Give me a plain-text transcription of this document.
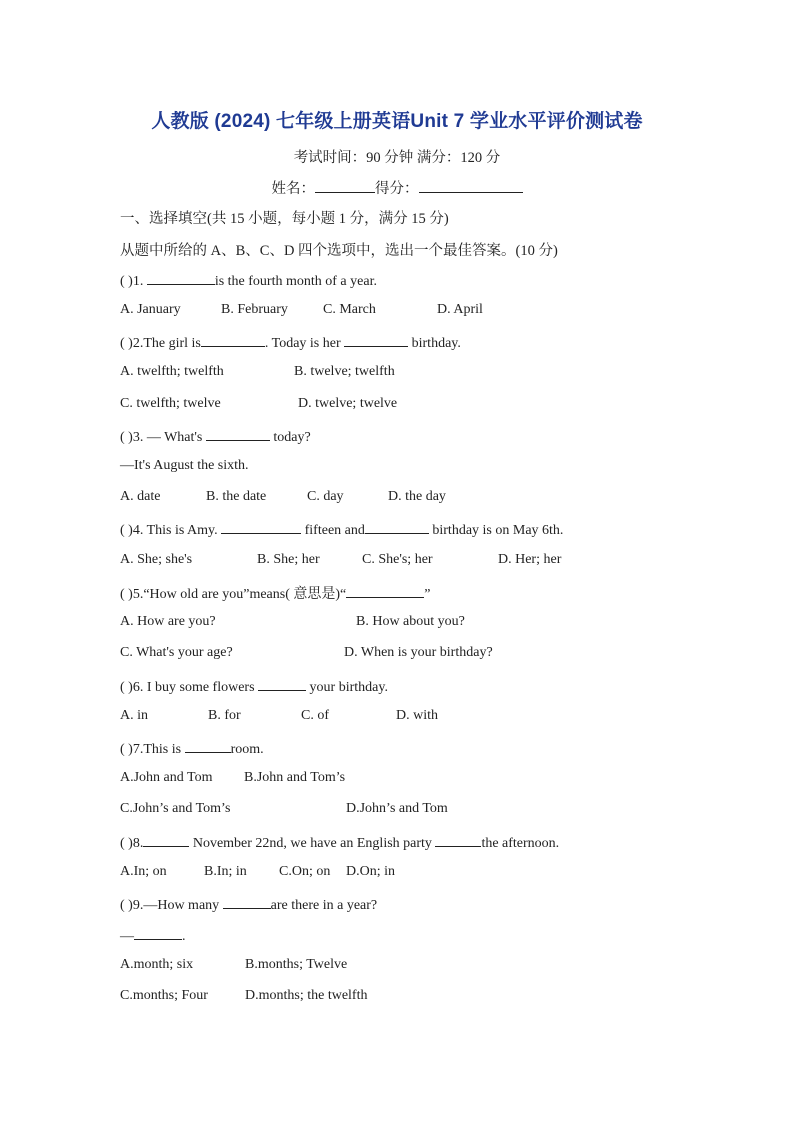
人教版 (2024) 七年级上册英语Unit 7 学业水平评价测试卷
考试时间：90 分钟 满分：120 分
姓名：	得分：
一、选择填空(共 15 小题，每小题 1 分，满分 15 分)
从题中所给的 A、B、C、D 四个选项中，选出一个最佳答案。(10 分)
( )1.	is the fourth month of a year.
A. January	B. February	C. March	D. April
( )2.The girl is	. Today is her	birthday.
A. twelfth; twelfth	B. twelve; twelfth
C. twelfth; twelve	D. twelve; twelve
( )3. — What's	today?
—It's August the sixth.
A. date	B. the date	C. day	D. the day
( )4. This is Amy.	fifteen and	birthday is on May 6th.
A. She; she's	B. She; her	C. She's; her	D. Her; her
( )5.“How old are you”means( 意思是)“	”
A. How are you?	B. How about you?
C. What's your age?	D. When is your birthday?
( )6. I buy some flowers	your birthday.
A. in	B. for	C. of	D. with
( )7.This is	room.
A.John and Tom B.John and Tom’s
C.John’s and Tom’s	D.John’s and Tom
( )8.	November 22nd, we have an English party	the afternoon.
A.In; on	B.In; in C.On; on D.On; in
( )9.—How many	are there in a year?
—	.
A.month; six	B.months; Twelve
C.months; Four	D.months; the twelfth
